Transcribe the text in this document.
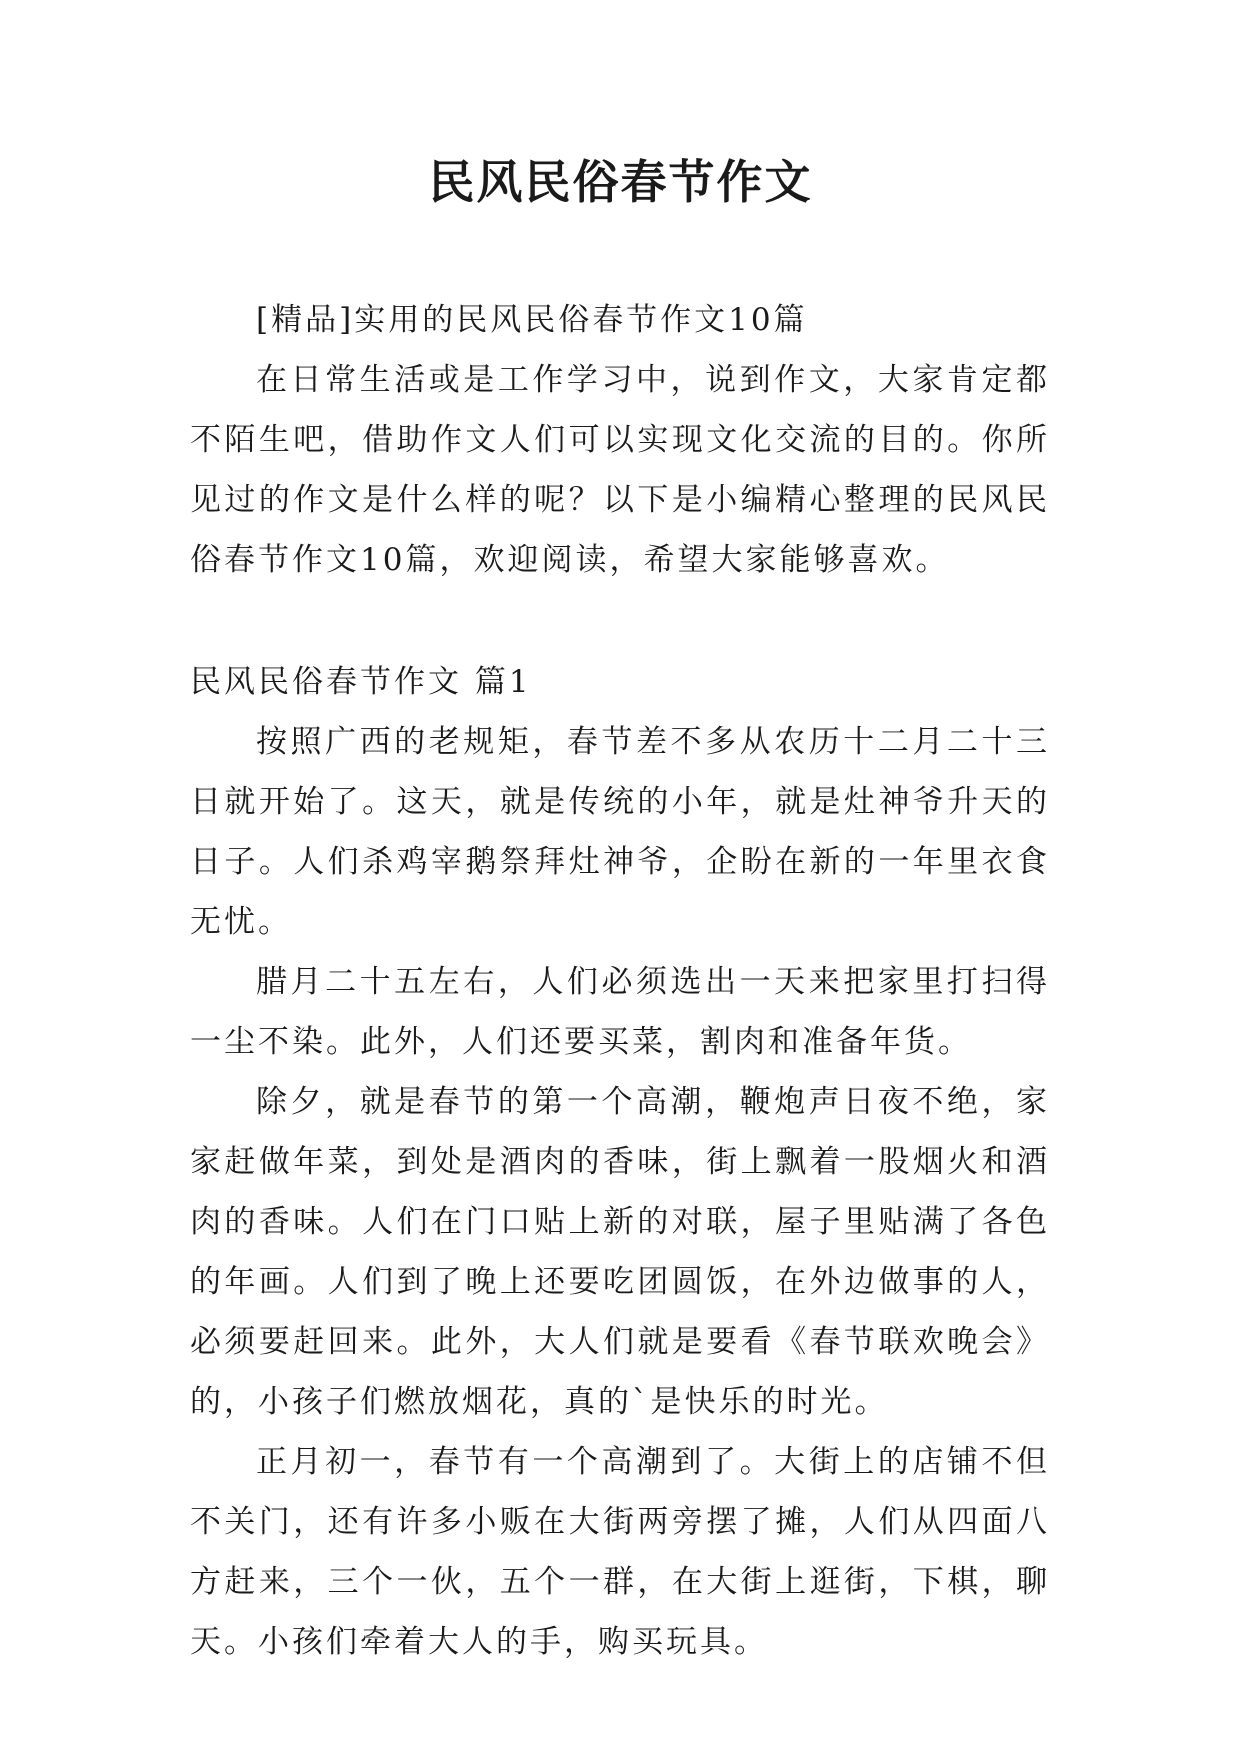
民风民俗春节作文

[精品]实用的民风民俗春节作文10篇

在日常生活或是工作学习中，说到作文，大家肯定都不陌生吧，借助作文人们可以实现文化交流的目的。你所见过的作文是什么样的呢？以下是小编精心整理的民风民俗春节作文10篇，欢迎阅读，希望大家能够喜欢。

民风民俗春节作文 篇1

按照广西的老规矩，春节差不多从农历十二月二十三日就开始了。这天，就是传统的小年，就是灶神爷升天的日子。人们杀鸡宰鹅祭拜灶神爷，企盼在新的一年里衣食无忧。

腊月二十五左右，人们必须选出一天来把家里打扫得一尘不染。此外，人们还要买菜，割肉和准备年货。

除夕，就是春节的第一个高潮，鞭炮声日夜不绝，家家赶做年菜，到处是酒肉的香味，街上飘着一股烟火和酒肉的香味。人们在门口贴上新的对联，屋子里贴满了各色的年画。人们到了晚上还要吃团圆饭，在外边做事的人，必须要赶回来。此外，大人们就是要看《春节联欢晚会》的，小孩子们燃放烟花，真的`是快乐的时光。

正月初一，春节有一个高潮到了。大街上的店铺不但不关门，还有许多小贩在大街两旁摆了摊，人们从四面八方赶来，三个一伙，五个一群，在大街上逛街，下棋，聊天。小孩们牵着大人的手，购买玩具。
